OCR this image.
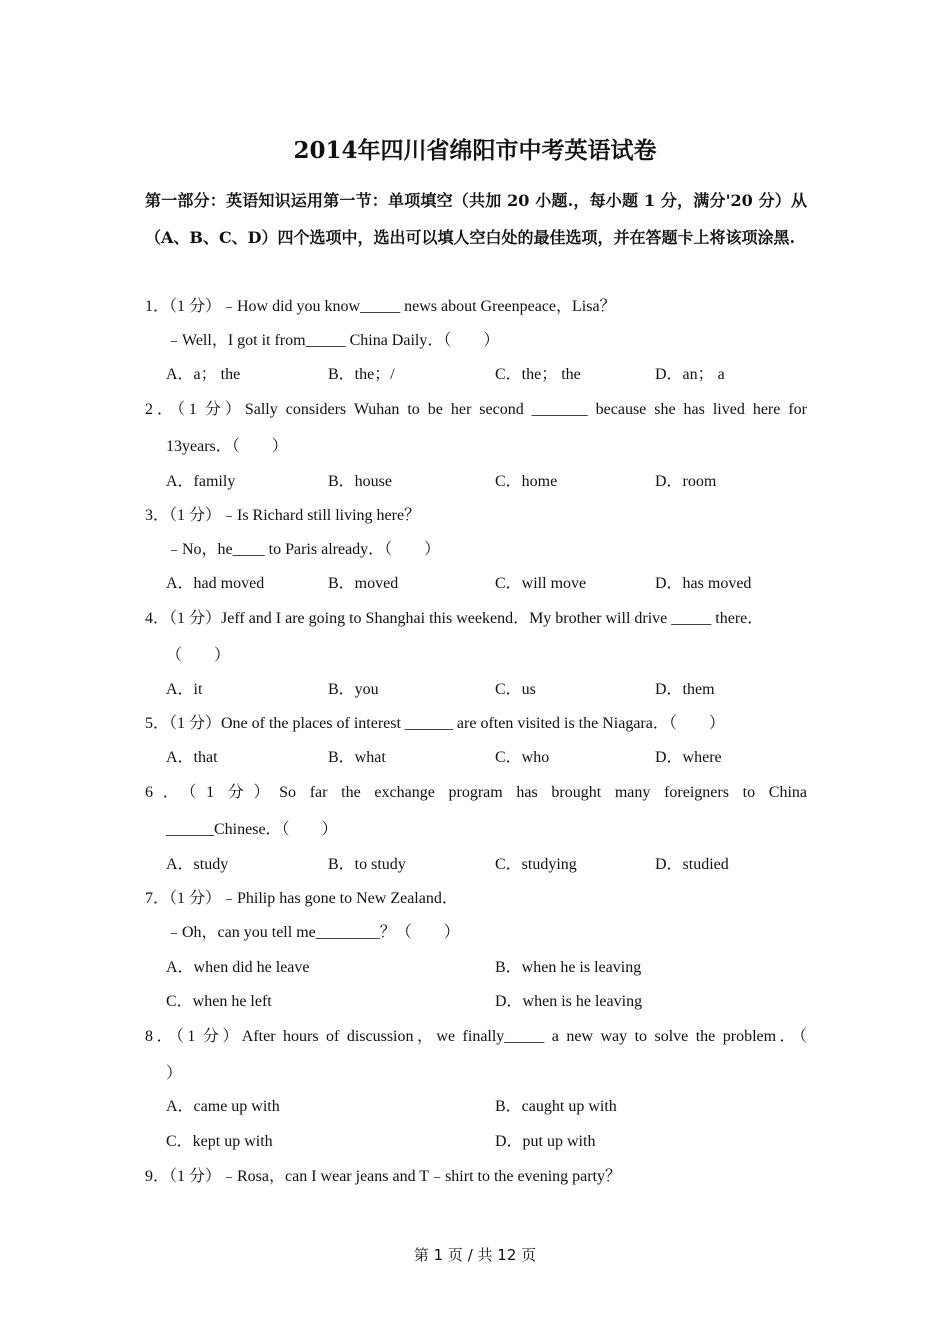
2014年四川省绵阳市中考英语试卷
第一部分：英语知识运用第一节：单项填空（共加 20 小题.，每小题 1 分，满分'20 分）从（A、B、C、D）四个选项中，选出可以填人空白处的最佳选项，并在答题卡上将该项涂黑.
1．（1 分）﹣How did you know_____ news about Greenpeace，Lisa？
﹣Well，I got it from_____ China Daily．（　　）
A．a； the	B．the；/	C．the； the	D．an； a
2．（1 分）Sally considers Wuhan to be her second _______ because she has lived here for
13years．（　　）
A．family	B．house	C．home	D．room
3．（1 分）﹣Is Richard still living here？
﹣No，he____ to Paris already．（　　）
A．had moved	B．moved	C．will move	D．has moved
4．（1 分）Jeff and I are going to Shanghai this weekend．My brother will drive _____ there．
（　　）
A．it	B．you	C．us	D．them
5．（1 分）One of the places of interest ______ are often visited is the Niagara．（　　）
A．that	B．what	C．who	D．where
6．（1 分）So far the exchange program has brought many foreigners to China
______Chinese．（　　）
A．study	B．to study	C．studying	D．studied
7．（1 分）﹣Philip has gone to New Zealand．
﹣Oh，can you tell me________？（　　）
A．when did he leave	B．when he is leaving
C．when he left	D．when is he leaving
8．（1 分）After hours of discussion，we finally_____ a new way to solve the problem．（
）
A．came up with	B．caught up with
C．kept up with	D．put up with
9．（1 分）﹣Rosa，can I wear jeans and T﹣shirt to the evening party？
第 1 页 / 共 12 页
